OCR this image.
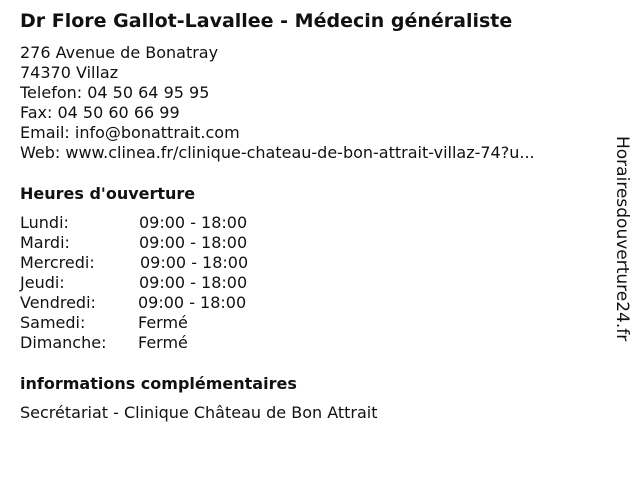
Dr Flore Gallot-Lavallee - Médecin généraliste
276 Avenue de Bonatray
74370 Villaz
Telefon: 04 50 64 95 95
Fax: 04 50 60 66 99
Email: info@bonattrait.com
Web: www.clinea.fr/clinique-chateau-de-bon-attrait-villaz-74?u...
Heures d'ouverture
Lundi:	09:00 - 18:00
Mardi:	09:00 - 18:00
Mercredi:	09:00 - 18:00
Jeudi:	09:00 - 18:00
Vendredi:	09:00 - 18:00
Samedi:	Fermé
Dimanche: Fermé
informations complémentaires
Secrétariat - Clinique Château de Bon Attrait
Horairesdouverture24.fr
